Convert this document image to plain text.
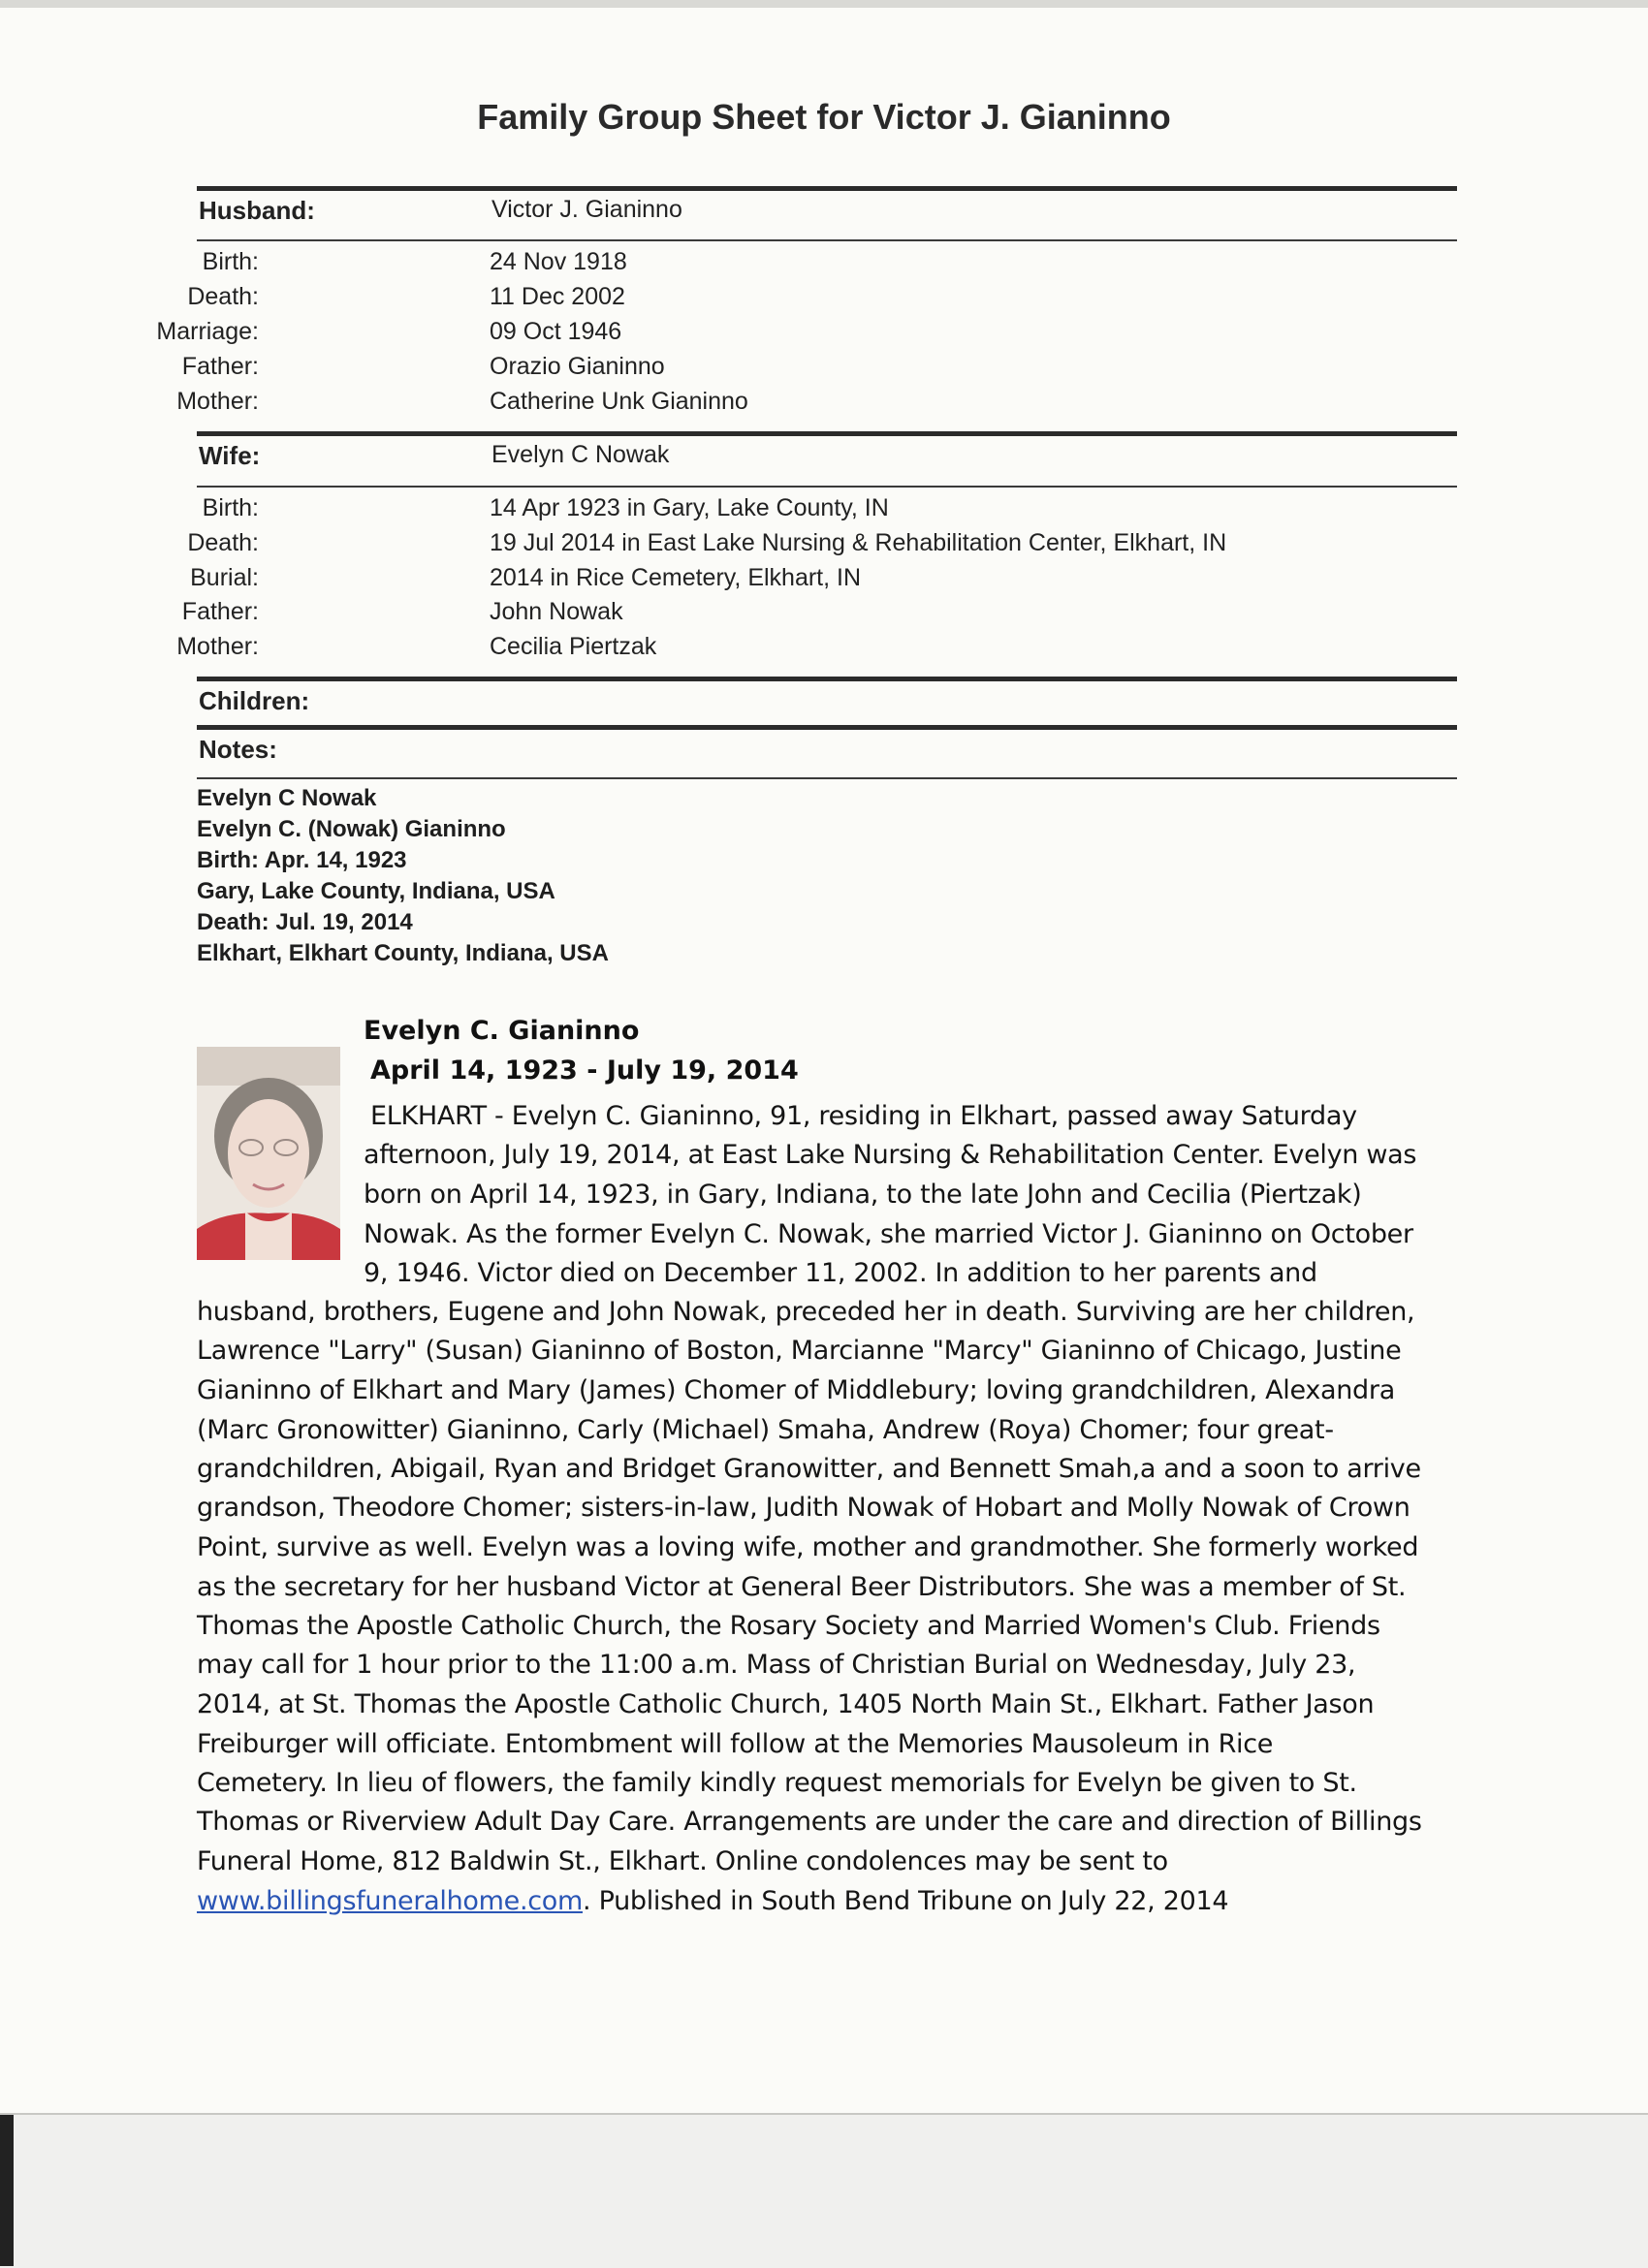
Family Group Sheet for Victor J. Gianinno
Husband:	Victor J. Gianinno
Birth:	24 Nov 1918
Death:	11 Dec 2002
Marriage:	09 Oct 1946
Father:	Orazio Gianinno
Mother:	Catherine Unk Gianinno
Wife:	Evelyn C Nowak
Birth:	14 Apr 1923 in Gary, Lake County, IN
Death:	19 Jul 2014 in East Lake Nursing & Rehabilitation Center, Elkhart, IN
Burial:	2014 in Rice Cemetery, Elkhart, IN
Father:	John Nowak
Mother:	Cecilia Piertzak
Children:
Notes:
Evelyn C Nowak
Evelyn C. (Nowak) Gianinno
Birth: Apr. 14, 1923
Gary, Lake County, Indiana, USA
Death: Jul. 19, 2014
Elkhart, Elkhart County, Indiana, USA
Evelyn C. Gianinno
April 14, 1923 - July 19, 2014
ELKHART - Evelyn C. Gianinno, 91, residing in Elkhart, passed away Saturday
afternoon, July 19, 2014, at East Lake Nursing & Rehabilitation Center. Evelyn was
born on April 14, 1923, in Gary, Indiana, to the late John and Cecilia (Piertzak)
Nowak. As the former Evelyn C. Nowak, she married Victor J. Gianinno on October
9, 1946. Victor died on December 11, 2002. In addition to her parents and
husband, brothers, Eugene and John Nowak, preceded her in death. Surviving are her children,
Lawrence "Larry" (Susan) Gianinno of Boston, Marcianne "Marcy" Gianinno of Chicago, Justine
Gianinno of Elkhart and Mary (James) Chomer of Middlebury; loving grandchildren, Alexandra
(Marc Gronowitter) Gianinno, Carly (Michael) Smaha, Andrew (Roya) Chomer; four great-
grandchildren, Abigail, Ryan and Bridget Granowitter, and Bennett Smah,a and a soon to arrive
grandson, Theodore Chomer; sisters-in-law, Judith Nowak of Hobart and Molly Nowak of Crown
Point, survive as well. Evelyn was a loving wife, mother and grandmother. She formerly worked
as the secretary for her husband Victor at General Beer Distributors. She was a member of St.
Thomas the Apostle Catholic Church, the Rosary Society and Married Women's Club. Friends
may call for 1 hour prior to the 11:00 a.m. Mass of Christian Burial on Wednesday, July 23,
2014, at St. Thomas the Apostle Catholic Church, 1405 North Main St., Elkhart. Father Jason
Freiburger will officiate. Entombment will follow at the Memories Mausoleum in Rice
Cemetery. In lieu of flowers, the family kindly request memorials for Evelyn be given to St.
Thomas or Riverview Adult Day Care. Arrangements are under the care and direction of Billings
Funeral Home, 812 Baldwin St., Elkhart. Online condolences may be sent to
www.billingsfuneralhome.com. Published in South Bend Tribune on July 22, 2014
